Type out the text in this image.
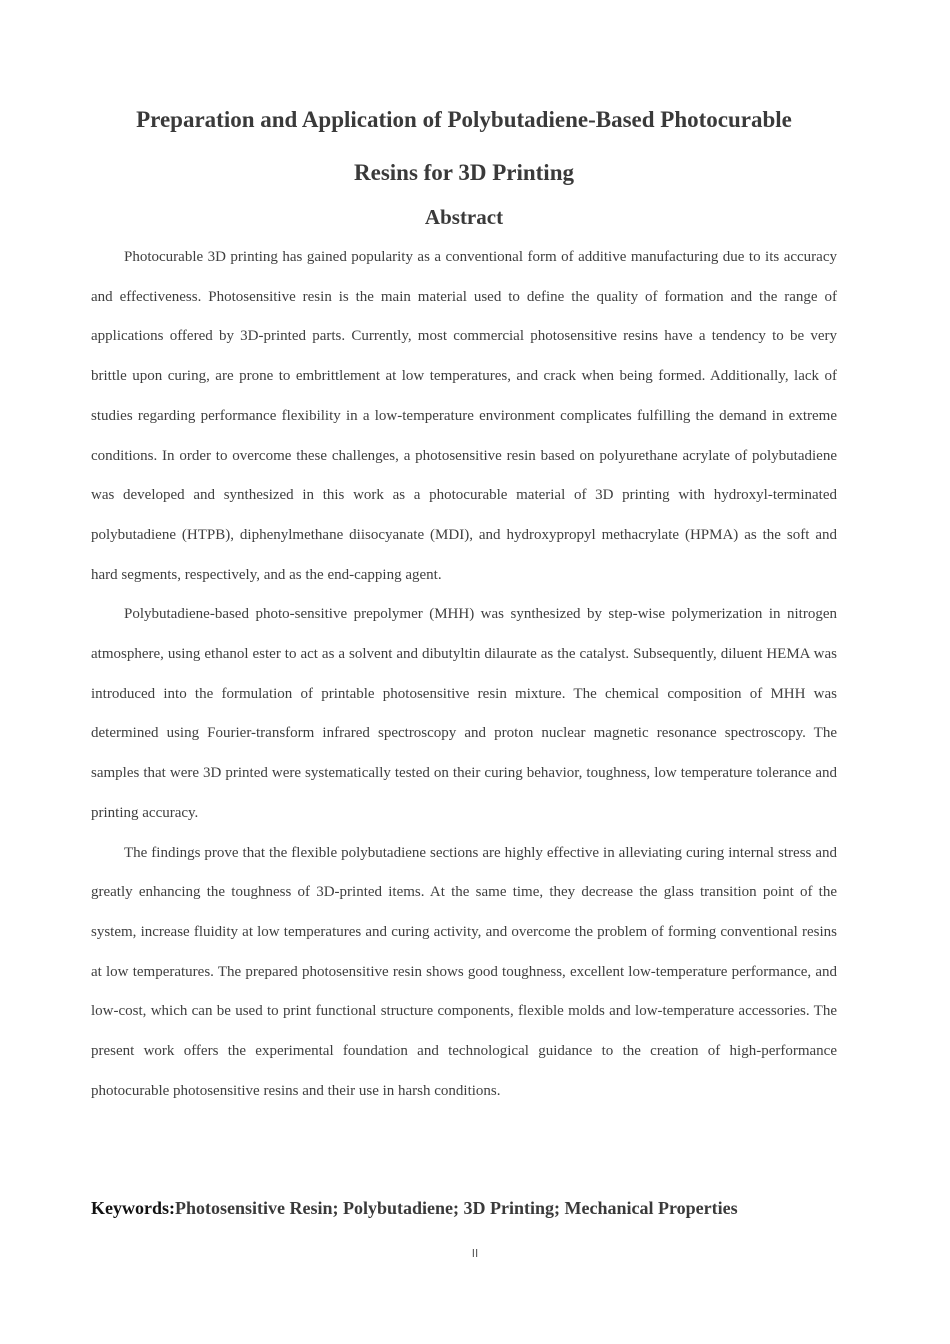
Preparation and Application of Polybutadiene-Based Photocurable
Resins for 3D Printing
Abstract

Photocurable 3D printing has gained popularity as a conventional form of additive manufacturing due to its accuracy and effectiveness. Photosensitive resin is the main material used to define the quality of formation and the range of applications offered by 3D-printed parts. Currently, most commercial photosensitive resins have a tendency to be very brittle upon curing, are prone to embrittlement at low temperatures, and crack when being formed. Additionally, lack of studies regarding performance flexibility in a low-temperature environment complicates fulfilling the demand in extreme conditions. In order to overcome these challenges, a photosensitive resin based on polyurethane acrylate of polybutadiene was developed and synthesized in this work as a photocurable material of 3D printing with hydroxyl-terminated polybutadiene (HTPB), diphenylmethane diisocyanate (MDI), and hydroxypropyl methacrylate (HPMA) as the soft and hard segments, respectively, and as the end-capping agent.

Polybutadiene-based photo-sensitive prepolymer (MHH) was synthesized by step-wise polymerization in nitrogen atmosphere, using ethanol ester to act as a solvent and dibutyltin dilaurate as the catalyst. Subsequently, diluent HEMA was introduced into the formulation of printable photosensitive resin mixture. The chemical composition of MHH was determined using Fourier-transform infrared spectroscopy and proton nuclear magnetic resonance spectroscopy. The samples that were 3D printed were systematically tested on their curing behavior, toughness, low temperature tolerance and printing accuracy.

The findings prove that the flexible polybutadiene sections are highly effective in alleviating curing internal stress and greatly enhancing the toughness of 3D-printed items. At the same time, they decrease the glass transition point of the system, increase fluidity at low temperatures and curing activity, and overcome the problem of forming conventional resins at low temperatures. The prepared photosensitive resin shows good toughness, excellent low-temperature performance, and low-cost, which can be used to print functional structure components, flexible molds and low-temperature accessories. The present work offers the experimental foundation and technological guidance to the creation of high-performance photocurable photosensitive resins and their use in harsh conditions.

Keywords:Photosensitive Resin; Polybutadiene; 3D Printing; Mechanical Properties
II
